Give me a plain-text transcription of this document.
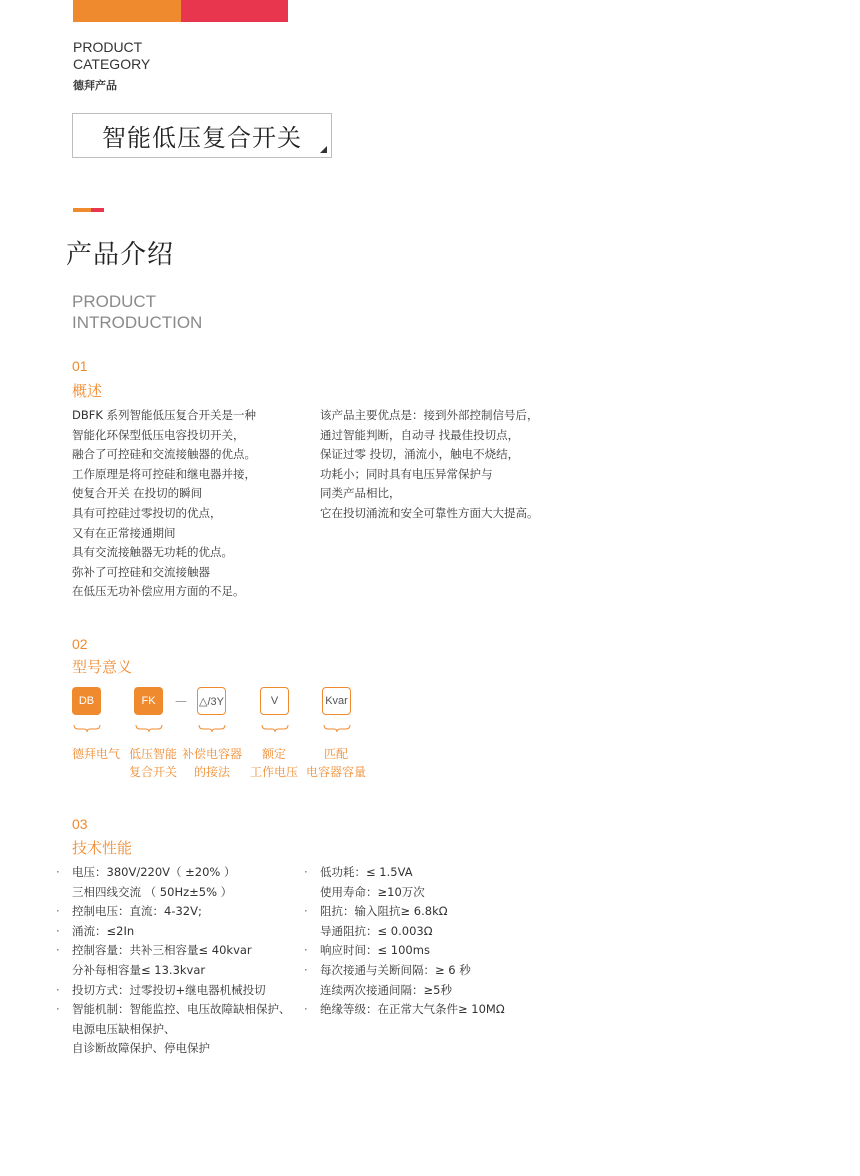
PRODUCT
CATEGORY
德拜产品
智能低压复合开关
产品介绍
PRODUCT
INTRODUCTION
01
概述
DBFK 系列智能低压复合开关是一种
智能化环保型低压电容投切开关，
融合了可控硅和交流接触器的优点。
工作原理是将可控硅和继电器并接，
使复合开关 在投切的瞬间
具有可控硅过零投切的优点，
又有在正常接通期间
具有交流接触器无功耗的优点。
弥补了可控硅和交流接触器
在低压无功补偿应用方面的不足。
该产品主要优点是：接到外部控制信号后，
通过智能判断，自动寻 找最佳投切点，
保证过零 投切，涌流小，触电不烧结，
功耗小；同时具有电压异常保护与
同类产品相比，
它在投切涌流和安全可靠性方面大大提高。
02
型号意义
DB	FK	— △/3Y	V	Kvar
德拜电气 低压智能
复合开关
补偿电容器
的接法
额定
工作电压
匹配
电容器容量
03
技术性能
· 电压：380V/220V（ ±20% ）
三相四线交流 （ 50Hz±5% ）
· 控制电压：直流：4-32V;
· 涌流：≤2In
· 控制容量：共补三相容量≤ 40kvar
分补每相容量≤ 13.3kvar
· 投切方式：过零投切+继电器机械投切
· 智能机制：智能监控、电压故障缺相保护、
电源电压缺相保护、
自诊断故障保护、停电保护
· 低功耗：≤ 1.5VA
使用寿命：≥10万次
· 阻抗：输入阻抗≥ 6.8kΩ
导通阻抗：≤ 0.003Ω
· 响应时间：≤ 100ms
· 每次接通与关断间隔：≥ 6 秒
连续两次接通间隔：≥5秒
· 绝缘等级：在正常大气条件≥ 10MΩ
